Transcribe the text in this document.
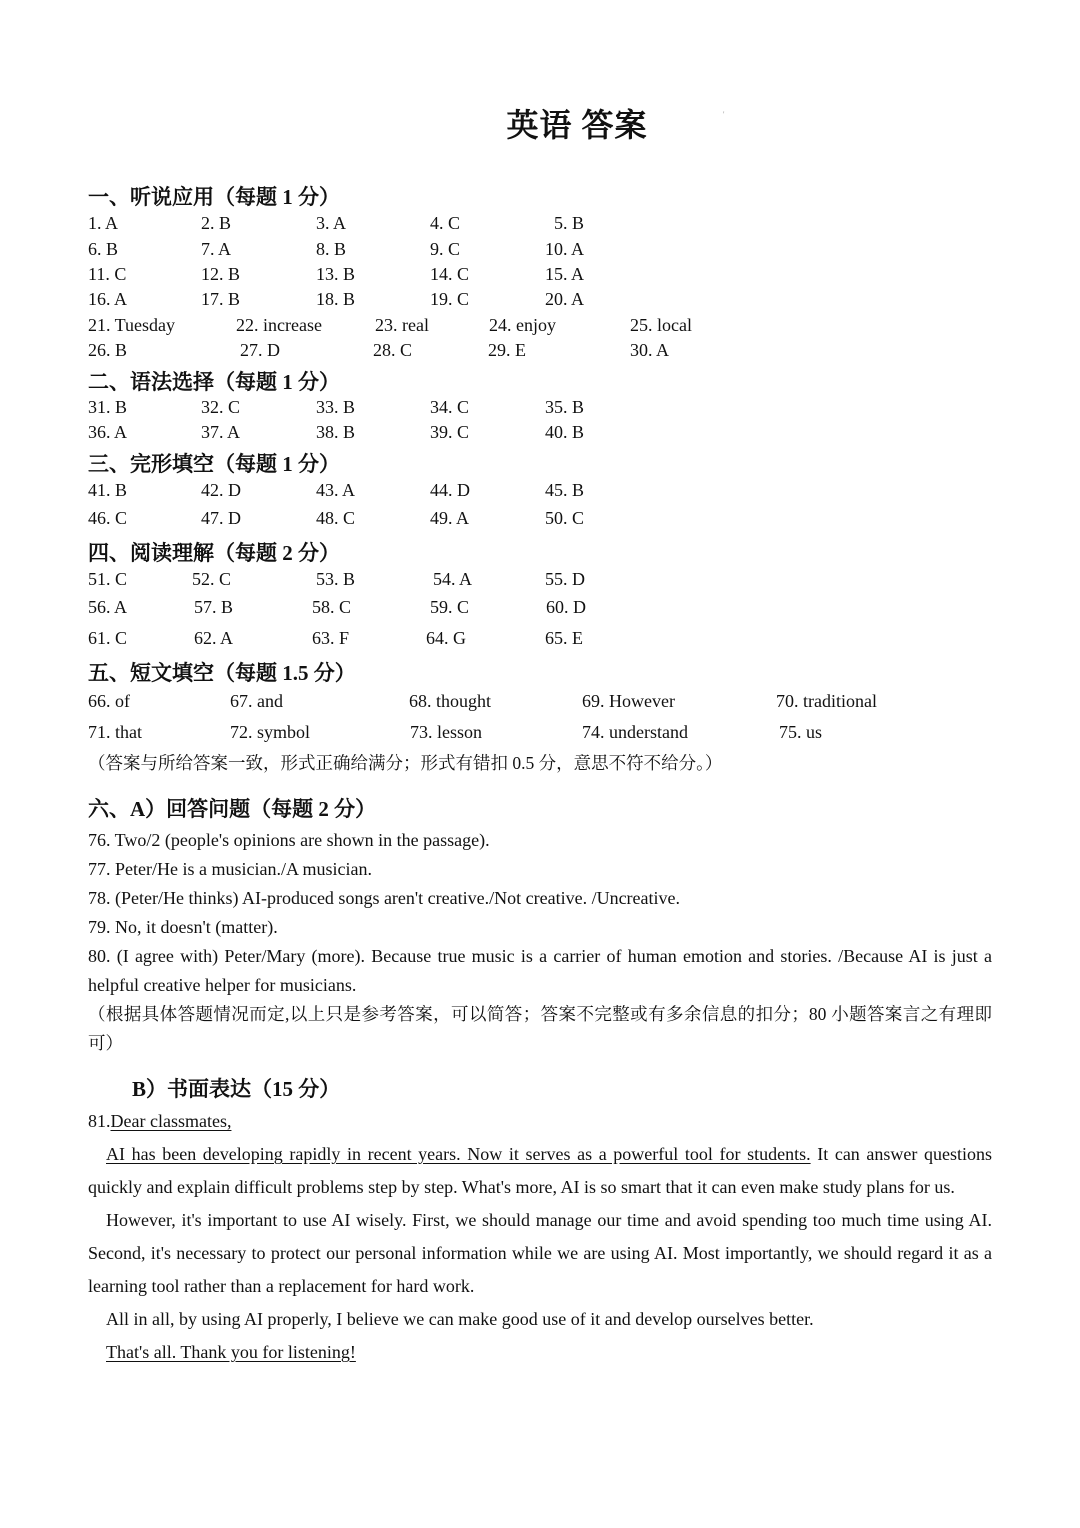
英语 答案	'
一、听说应用（每题 1 分）
1. A	2. B	3. A	4. C	5. B
6. B	7. A	8. B	9. C	10. A
11. C	12. B	13. B	14. C	15. A
16. A	17. B	18. B	19. C	20. A
21. Tuesday	22. increase	23. real	24. enjoy	25. local
26. B	27. D	28. C	29. E	30. A
二、语法选择（每题 1 分）
31. B	32. C	33. B	34. C	35. B
36. A	37. A	38. B	39. C	40. B
三、完形填空（每题 1 分）
41. B	42. D	43. A	44. D	45. B
46. C	47. D	48. C	49. A	50. C
四、阅读理解（每题 2 分）
51. C	52. C	53. B	54. A	55. D
56. A	57. B	58. C	59. C	60. D
61. C	62. A	63. F	64. G	65. E
五、短文填空（每题 1.5 分）
66. of	67. and	68. thought	69. However	70. traditional
71. that	72. symbol	73. lesson	74. understand	75. us
（答案与所给答案一致，形式正确给满分；形式有错扣 0.5 分，意思不符不给分。）
六、A）回答问题（每题 2 分）
76. Two/2 (people's opinions are shown in the passage).
77. Peter/He is a musician./A musician.
78. (Peter/He thinks) AI-produced songs aren't creative./Not creative. /Uncreative.
79. No, it doesn't (matter).
80. (I agree with) Peter/Mary (more). Because true music is a carrier of human emotion and stories. /Because AI is just a helpful creative helper for musicians.
（根据具体答题情况而定,以上只是参考答案，可以简答；答案不完整或有多余信息的扣分；80 小题答案言之有理即可）
B）书面表达（15 分）
81.Dear classmates,
AI has been developing rapidly in recent years. Now it serves as a powerful tool for students. It can answer questions quickly and explain difficult problems step by step. What's more, AI is so smart that it can even make study plans for us.
However, it's important to use AI wisely. First, we should manage our time and avoid spending too much time using AI. Second, it's necessary to protect our personal information while we are using AI. Most importantly, we should regard it as a learning tool rather than a replacement for hard work.
All in all, by using AI properly, I believe we can make good use of it and develop ourselves better.
That's all. Thank you for listening!
